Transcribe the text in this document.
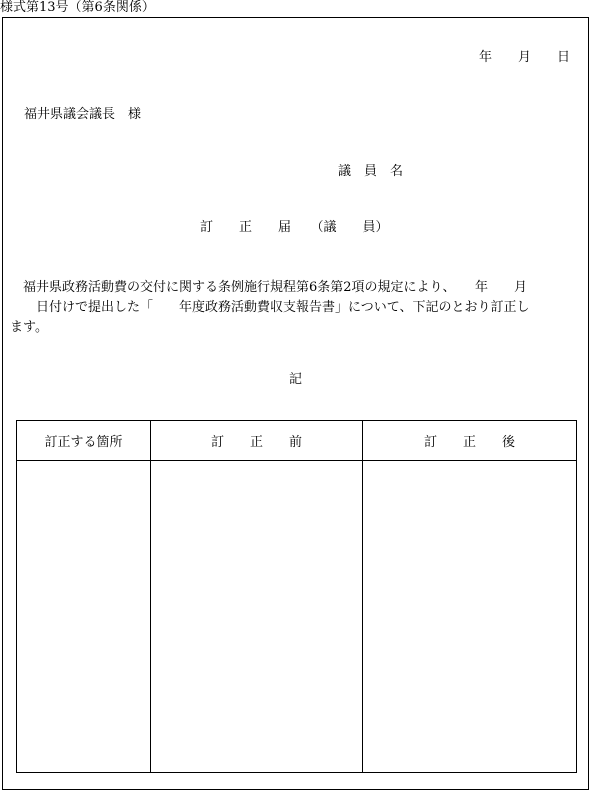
様式第13号（第6条関係）
年　　月　　日
福井県議会議長　様
議　員　名
訂　　正　　届　　（議　　員）
　福井県政務活動費の交付に関する条例施行規程第6条第2項の規定により、　　年　　月
　　日付けで提出した「　　年度政務活動費収支報告書」について、下記のとおり訂正し
ます。
記
訂正する箇所	訂　　正　　前	訂　　正　　後
